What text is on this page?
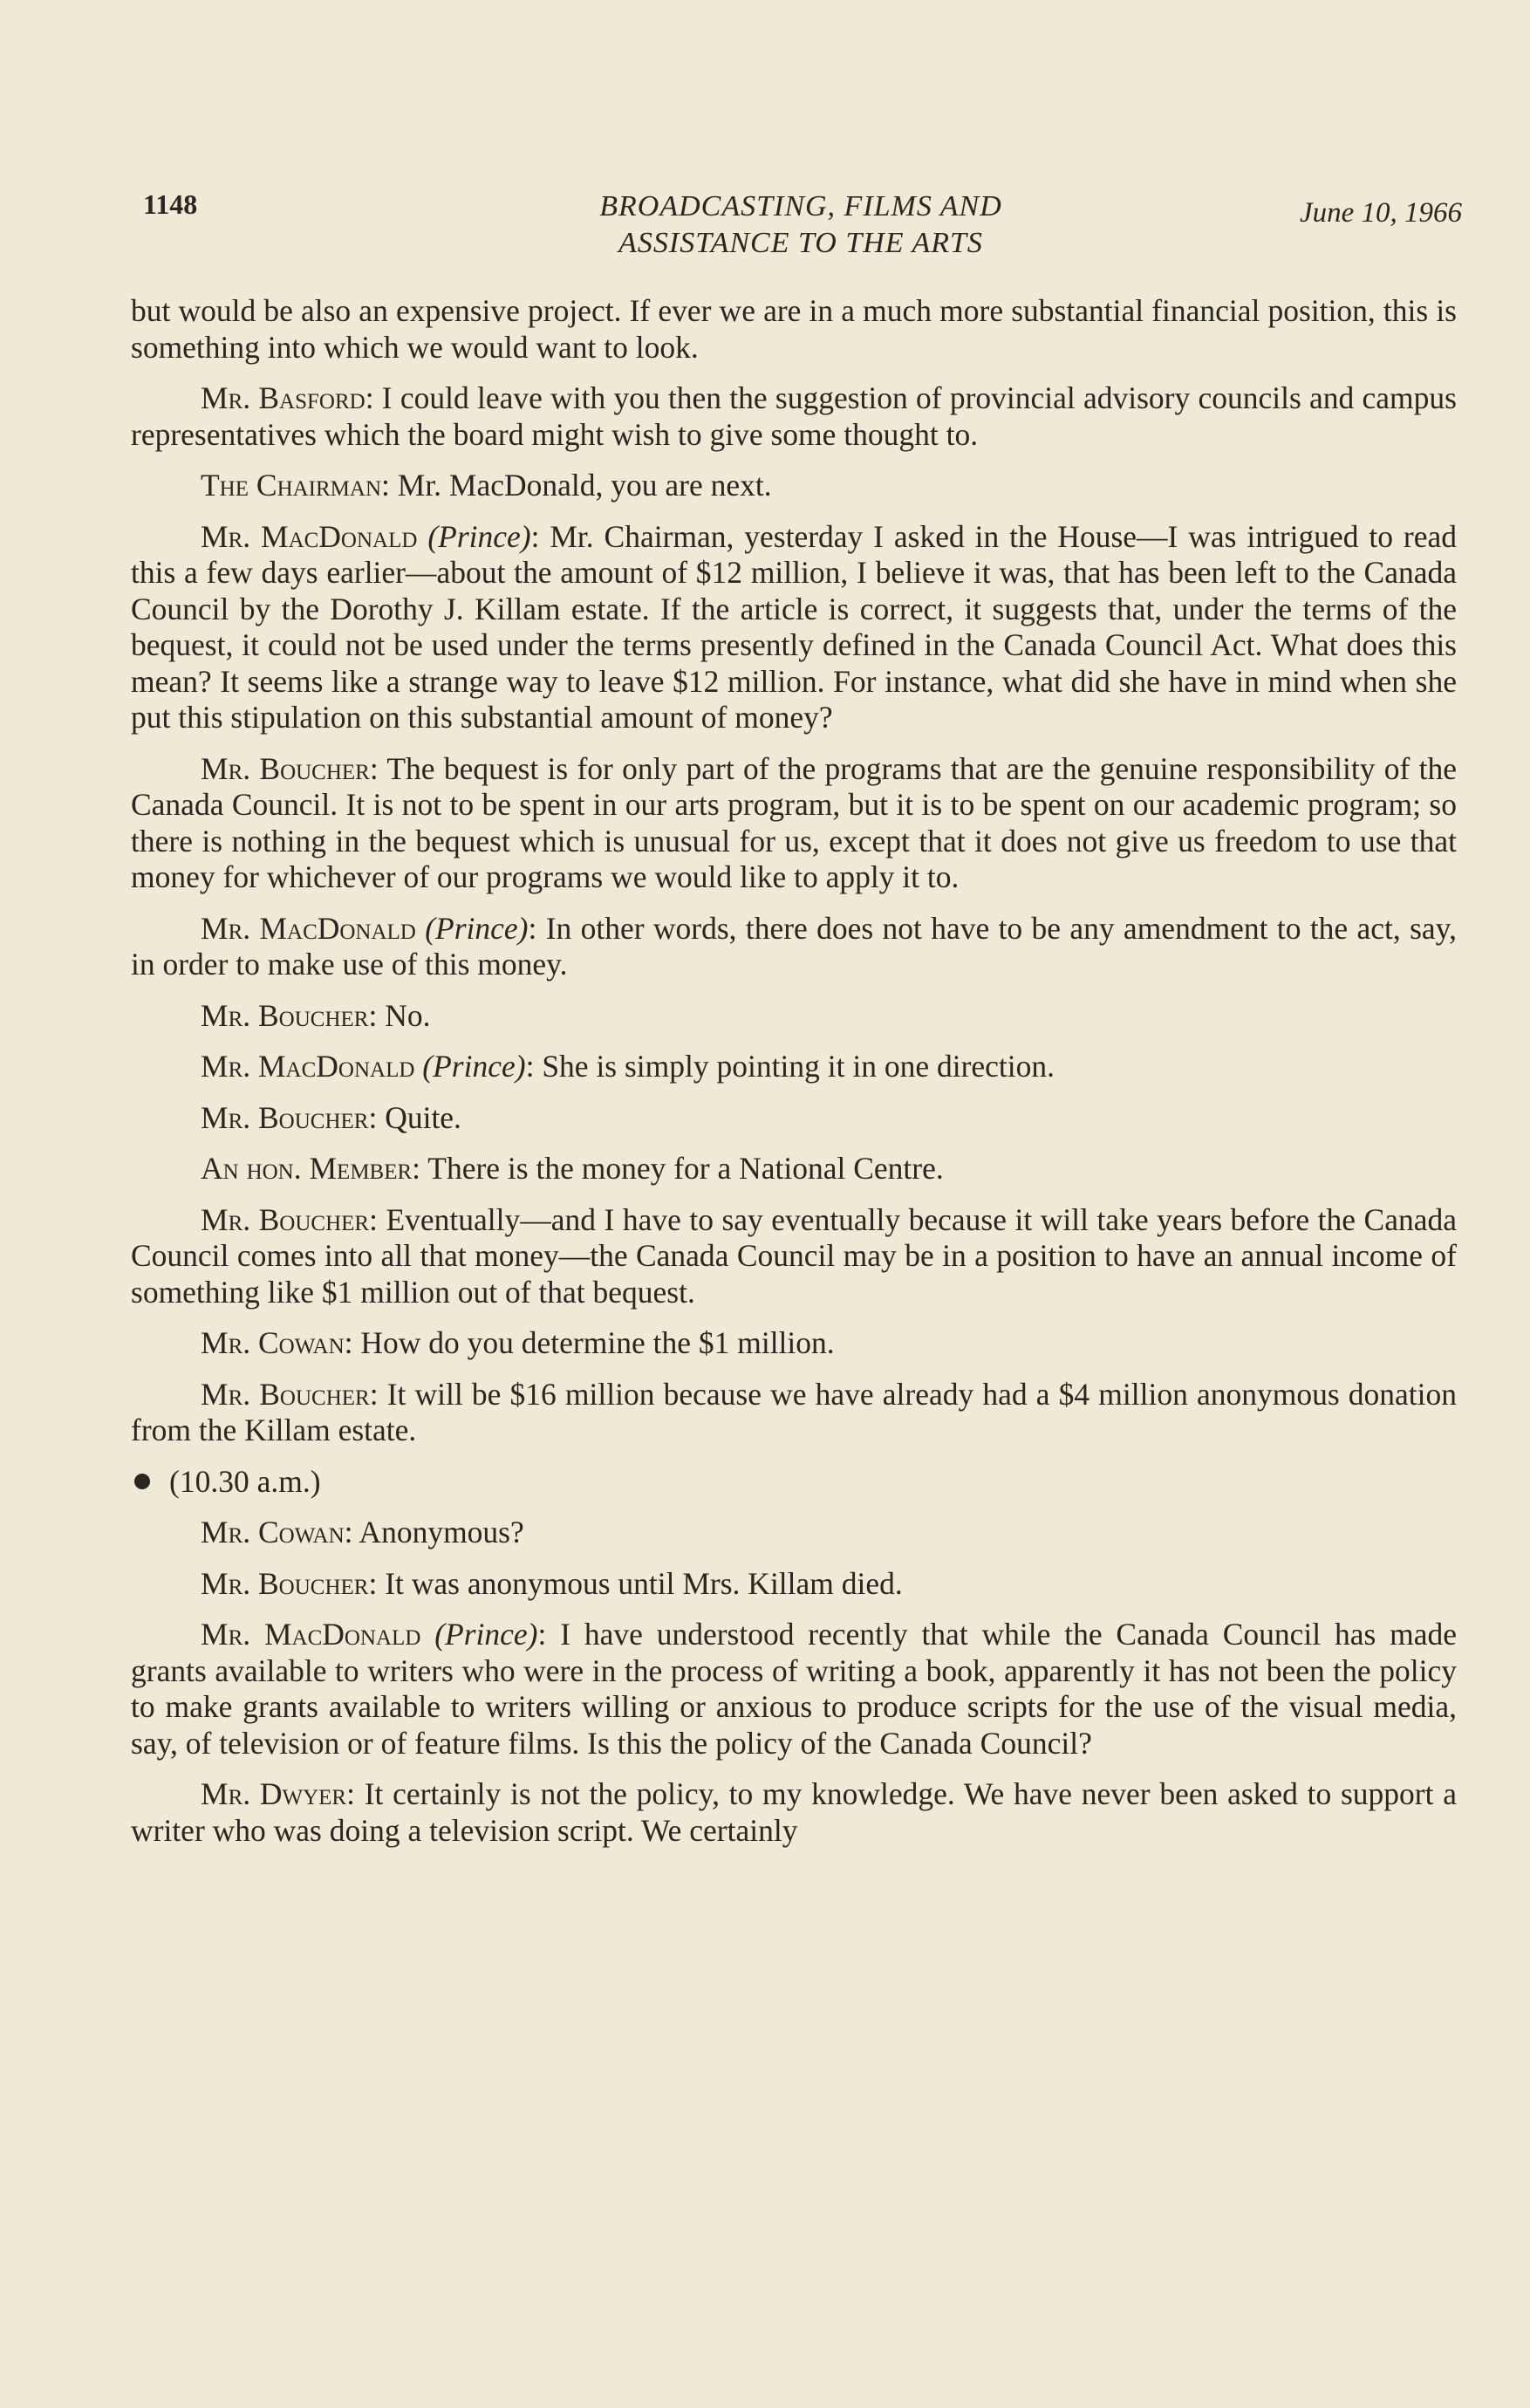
1148	BROADCASTING, FILMS AND
ASSISTANCE TO THE ARTS
June 10, 1966

but would be also an expensive project. If ever we are in a much more substantial financial position, this is something into which we would want to look.

Mr. Basford: I could leave with you then the suggestion of provincial advisory councils and campus representatives which the board might wish to give some thought to.

The Chairman: Mr. MacDonald, you are next.

Mr. MacDonald (Prince): Mr. Chairman, yesterday I asked in the House—I was intrigued to read this a few days earlier—about the amount of $12 million, I believe it was, that has been left to the Canada Council by the Dorothy J. Killam estate. If the article is correct, it suggests that, under the terms of the bequest, it could not be used under the terms presently defined in the Canada Council Act. What does this mean? It seems like a strange way to leave $12 million. For instance, what did she have in mind when she put this stipulation on this substantial amount of money?

Mr. Boucher: The bequest is for only part of the programs that are the genuine responsibility of the Canada Council. It is not to be spent in our arts program, but it is to be spent on our academic program; so there is nothing in the bequest which is unusual for us, except that it does not give us freedom to use that money for whichever of our programs we would like to apply it to.

Mr. MacDonald (Prince): In other words, there does not have to be any amendment to the act, say, in order to make use of this money.

Mr. Boucher: No.

Mr. MacDonald (Prince): She is simply pointing it in one direction.

Mr. Boucher: Quite.

An hon. Member: There is the money for a National Centre.

Mr. Boucher: Eventually—and I have to say eventually because it will take years before the Canada Council comes into all that money—the Canada Council may be in a position to have an annual income of something like $1 million out of that bequest.

Mr. Cowan: How do you determine the $1 million.

Mr. Boucher: It will be $16 million because we have already had a $4 million anonymous donation from the Killam estate.

(10.30 a.m.)

Mr. Cowan: Anonymous?

Mr. Boucher: It was anonymous until Mrs. Killam died.

Mr. MacDonald (Prince): I have understood recently that while the Canada Council has made grants available to writers who were in the process of writing a book, apparently it has not been the policy to make grants available to writers willing or anxious to produce scripts for the use of the visual media, say, of television or of feature films. Is this the policy of the Canada Council?

Mr. Dwyer: It certainly is not the policy, to my knowledge. We have never been asked to support a writer who was doing a television script. We certainly
